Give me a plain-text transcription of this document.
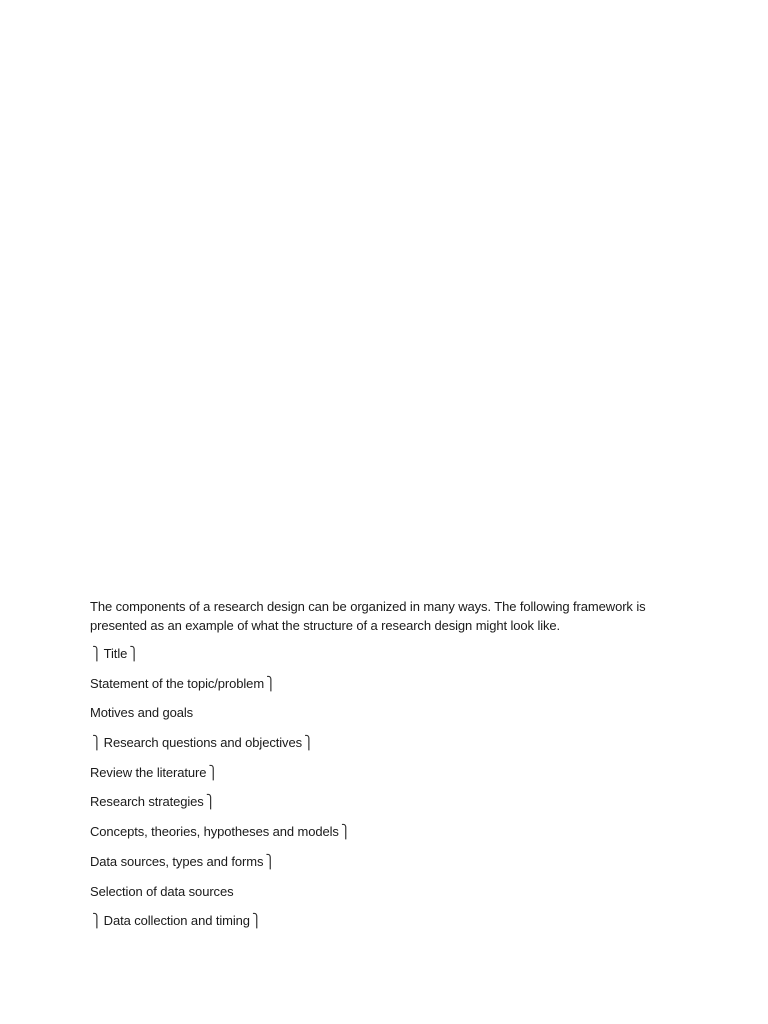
The components of a research design can be organized in many ways. The following framework is presented as an example of what the structure of a research design might look like.

⎫ Title ⎫
Statement of the topic/problem ⎫
Motives and goals
⎫ Research questions and objectives ⎫
Review the literature ⎫
Research strategies ⎫
Concepts, theories, hypotheses and models ⎫
Data sources, types and forms ⎫
Selection of data sources
⎫ Data collection and timing ⎫
